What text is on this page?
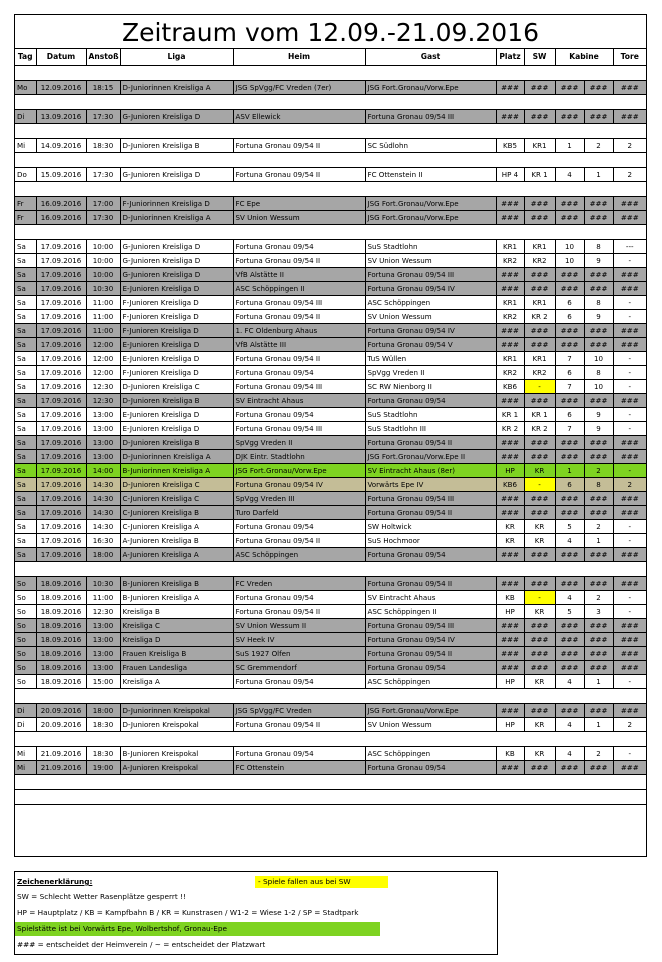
Zeitraum vom 12.09.-21.09.2016
Tag	Datum	Anstoß	Liga	Heim	Gast	Platz	SW	Kabine		Tore

Mo	12.09.2016	18:15	D-Juniorinnen Kreisliga A	JSG SpVgg/FC Vreden (7er)	JSG Fort.Gronau/Vorw.Epe	###	###	###	###	###

Di	13.09.2016	17:30	G-Junioren Kreisliga D	ASV Ellewick	Fortuna Gronau 09/54 III	###	###	###	###	###

Mi	14.09.2016	18:30	D-Junioren Kreisliga B	Fortuna Gronau 09/54 II	SC Südlohn	KB5	KR1	1	2	2

Do	15.09.2016	17:30	G-Junioren Kreisliga D	Fortuna Gronau 09/54 II	FC Ottenstein II	HP 4	KR 1	4	1	2

Fr	16.09.2016	17:00	F-Juniorinnen Kreisliga D	FC Epe	JSG Fort.Gronau/Vorw.Epe	###	###	###	###	###
Fr	16.09.2016	17:30	D-Juniorinnen Kreisliga A	SV Union Wessum	JSG Fort.Gronau/Vorw.Epe	###	###	###	###	###

Sa	17.09.2016	10:00	G-Junioren Kreisliga D	Fortuna Gronau 09/54	SuS Stadtlohn	KR1	KR1	10	8	---
Sa	17.09.2016	10:00	G-Junioren Kreisliga D	Fortuna Gronau 09/54 II	SV Union Wessum	KR2	KR2	10	9	-
Sa	17.09.2016	10:00	G-Junioren Kreisliga D	VfB Alstätte II	Fortuna Gronau 09/54 III	###	###	###	###	###
Sa	17.09.2016	10:30	E-Junioren Kreisliga D	ASC Schöppingen II	Fortuna Gronau 09/54 IV	###	###	###	###	###
Sa	17.09.2016	11:00	F-Junioren Kreisliga D	Fortuna Gronau 09/54 III	ASC Schöppingen	KR1	KR1	6	8	-
Sa	17.09.2016	11:00	F-Junioren Kreisliga D	Fortuna Gronau 09/54 II	SV Union Wessum	KR2	KR 2	6	9	-
Sa	17.09.2016	11:00	F-Junioren Kreisliga D	1. FC Oldenburg Ahaus	Fortuna Gronau 09/54 IV	###	###	###	###	###
Sa	17.09.2016	12:00	E-Junioren Kreisliga D	VfB Alstätte III	Fortuna Gronau 09/54 V	###	###	###	###	###
Sa	17.09.2016	12:00	E-Junioren Kreisliga D	Fortuna Gronau 09/54 II	TuS Wüllen	KR1	KR1	7	10	-
Sa	17.09.2016	12:00	F-Junioren Kreisliga D	Fortuna Gronau 09/54	SpVgg Vreden II	KR2	KR2	6	8	-
Sa	17.09.2016	12:30	D-Junioren Kreisliga C	Fortuna Gronau 09/54 III	SC RW Nienborg II	KB6	-	7	10	-
Sa	17.09.2016	12:30	D-Junioren Kreisliga B	SV Eintracht Ahaus	Fortuna Gronau 09/54	###	###	###	###	###
Sa	17.09.2016	13:00	E-Junioren Kreisliga D	Fortuna Gronau 09/54	SuS Stadtlohn	KR 1	KR 1	6	9	-
Sa	17.09.2016	13:00	E-Junioren Kreisliga D	Fortuna Gronau 09/54 III	SuS Stadtlohn III	KR 2	KR 2	7	9	-
Sa	17.09.2016	13:00	D-Junioren Kreisliga B	SpVgg Vreden II	Fortuna Gronau 09/54 II	###	###	###	###	###
Sa	17.09.2016	13:00	D-Juniorinnen Kreisliga A	DJK Eintr. Stadtlohn	JSG Fort.Gronau/Vorw.Epe II	###	###	###	###	###
Sa	17.09.2016	14:00	B-Juniorinnen Kreisliga A	JSG Fort.Gronau/Vorw.Epe	SV Eintracht Ahaus (8er)	HP	KR	1	2	-
Sa	17.09.2016	14:30	D-Junioren Kreisliga C	Fortuna Gronau 09/54 IV	Vorwärts Epe IV	KB6	-	6	8	2
Sa	17.09.2016	14:30	C-Junioren Kreisliga C	SpVgg Vreden III	Fortuna Gronau 09/54 III	###	###	###	###	###
Sa	17.09.2016	14:30	C-Junioren Kreisliga B	Turo Darfeld	Fortuna Gronau 09/54 II	###	###	###	###	###
Sa	17.09.2016	14:30	C-Junioren Kreisliga A	Fortuna Gronau 09/54	SW Holtwick	KR	KR	5	2	-
Sa	17.09.2016	16:30	A-Junioren Kreisliga B	Fortuna Gronau 09/54 II	SuS Hochmoor	KR	KR	4	1	-
Sa	17.09.2016	18:00	A-Junioren Kreisliga A	ASC Schöppingen	Fortuna Gronau 09/54	###	###	###	###	###

So	18.09.2016	10:30	B-Junioren Kreisliga B	FC Vreden	Fortuna Gronau 09/54 II	###	###	###	###	###
So	18.09.2016	11:00	B-Junioren Kreisliga A	Fortuna Gronau 09/54	SV Eintracht Ahaus	KB	-	4	2	-
So	18.09.2016	12:30	Kreisliga B	Fortuna Gronau 09/54 II	ASC Schöppingen II	HP	KR	5	3	-
So	18.09.2016	13:00	Kreisliga C	SV Union Wessum II	Fortuna Gronau 09/54 III	###	###	###	###	###
So	18.09.2016	13:00	Kreisliga D	SV Heek IV	Fortuna Gronau 09/54 IV	###	###	###	###	###
So	18.09.2016	13:00	Frauen Kreisliga B	SuS 1927 Olfen	Fortuna Gronau 09/54 II	###	###	###	###	###
So	18.09.2016	13:00	Frauen Landesliga	SC Gremmendorf	Fortuna Gronau 09/54	###	###	###	###	###
So	18.09.2016	15:00	Kreisliga A	Fortuna Gronau 09/54	ASC Schöppingen	HP	KR	4	1	-

Di	20.09.2016	18:00	D-Juniorinnen Kreispokal	JSG SpVgg/FC Vreden	JSG Fort.Gronau/Vorw.Epe	###	###	###	###	###
Di	20.09.2016	18:30	D-Junioren Kreispokal	Fortuna Gronau 09/54 II	SV Union Wessum	HP	KR	4	1	2

Mi	21.09.2016	18:30	B-Junioren Kreispokal	Fortuna Gronau 09/54	ASC Schöppingen	KB	KR	4	2	-
Mi	21.09.2016	19:00	A-Junioren Kreispokal	FC Ottenstein	Fortuna Gronau 09/54	###	###	###	###	###

Zeichenerklärung:	- Spiele fallen aus bei SW
SW = Schlecht Wetter Rasenplätze gesperrt !!
HP = Hauptplatz / KB = Kampfbahn B / KR = Kunstrasen / W1-2 = Wiese 1-2 / SP = Stadtpark
Spielstätte ist bei Vorwärts Epe, Wolbertshof, Gronau-Epe
### = entscheidet der Heimverein / ~ = entscheidet der Platzwart
